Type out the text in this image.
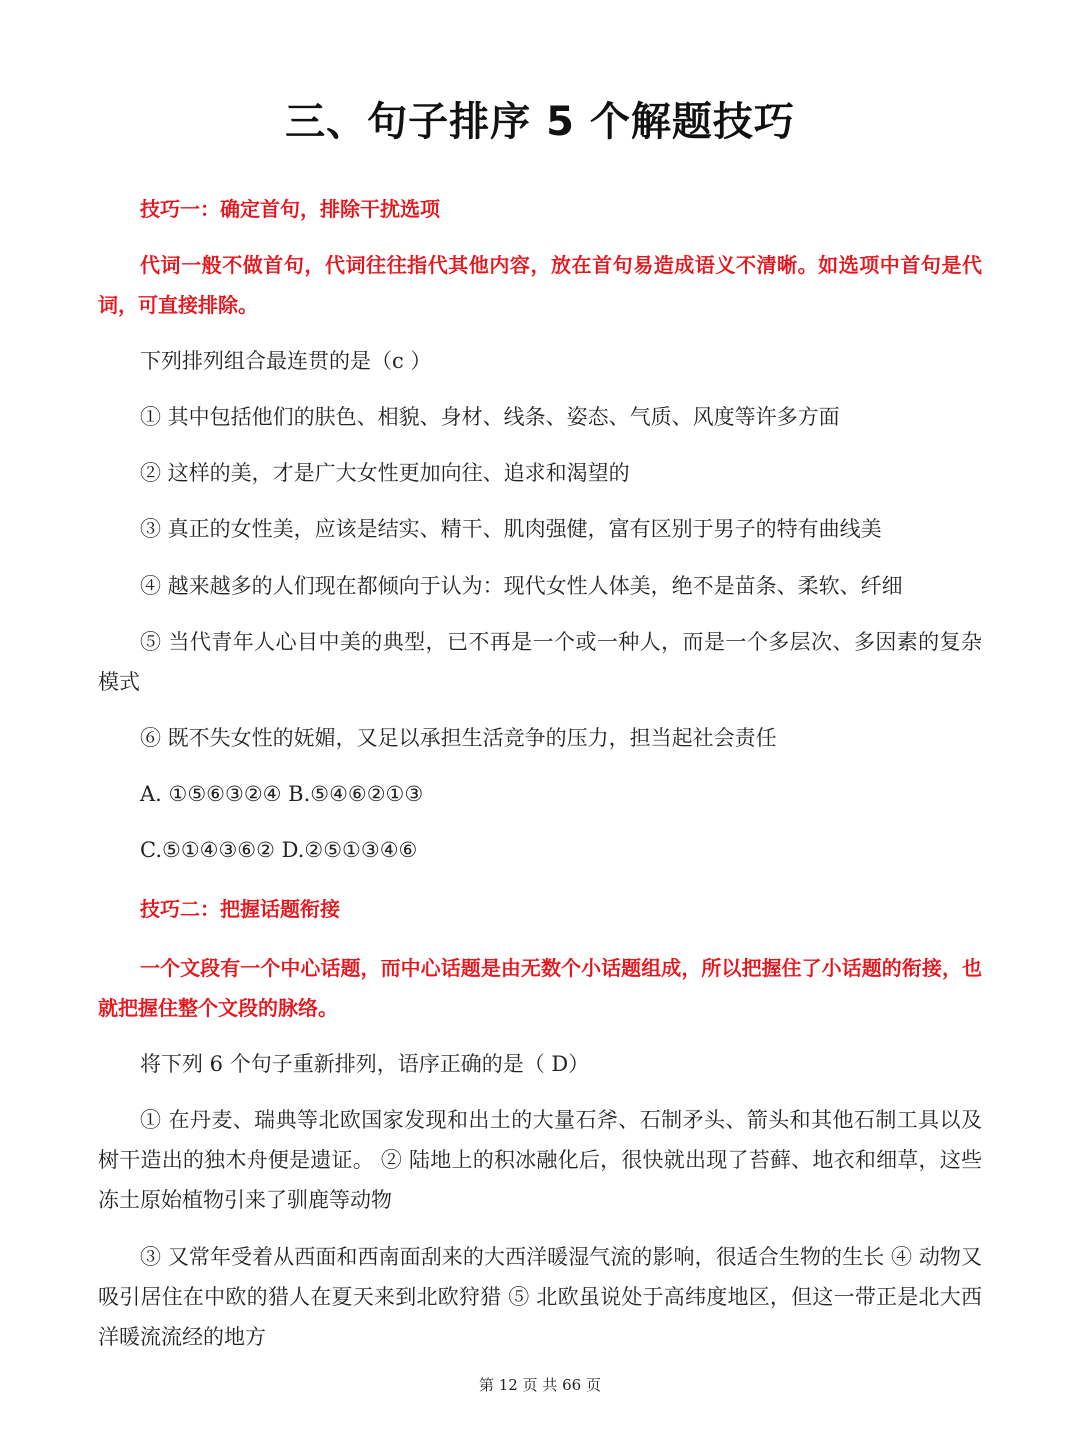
三、句子排序 5 个解题技巧
技巧一：确定首句，排除干扰选项
代词一般不做首句，代词往往指代其他内容，放在首句易造成语义不清晰。如选项中首句是代词，可直接排除。
下列排列组合最连贯的是（c ）
① 其中包括他们的肤色、相貌、身材、线条、姿态、气质、风度等许多方面
② 这样的美，才是广大女性更加向往、追求和渴望的
③ 真正的女性美，应该是结实、精干、肌肉强健，富有区别于男子的特有曲线美
④ 越来越多的人们现在都倾向于认为：现代女性人体美，绝不是苗条、柔软、纤细
⑤ 当代青年人心目中美的典型，已不再是一个或一种人，而是一个多层次、多因素的复杂模式
⑥ 既不失女性的妩媚，又足以承担生活竞争的压力，担当起社会责任
A. ①⑤⑥③②④ B.⑤④⑥②①③
C.⑤①④③⑥② D.②⑤①③④⑥
技巧二：把握话题衔接
一个文段有一个中心话题，而中心话题是由无数个小话题组成，所以把握住了小话题的衔接，也就把握住整个文段的脉络。
将下列 6 个句子重新排列，语序正确的是（ D）
① 在丹麦、瑞典等北欧国家发现和出土的大量石斧、石制矛头、箭头和其他石制工具以及树干造出的独木舟便是遗证。 ② 陆地上的积冰融化后，很快就出现了苔藓、地衣和细草，这些冻土原始植物引来了驯鹿等动物
③ 又常年受着从西面和西南面刮来的大西洋暖湿气流的影响，很适合生物的生长 ④ 动物又吸引居住在中欧的猎人在夏天来到北欧狩猎 ⑤ 北欧虽说处于高纬度地区，但这一带正是北大西洋暖流流经的地方
第 12 页 共 66 页
